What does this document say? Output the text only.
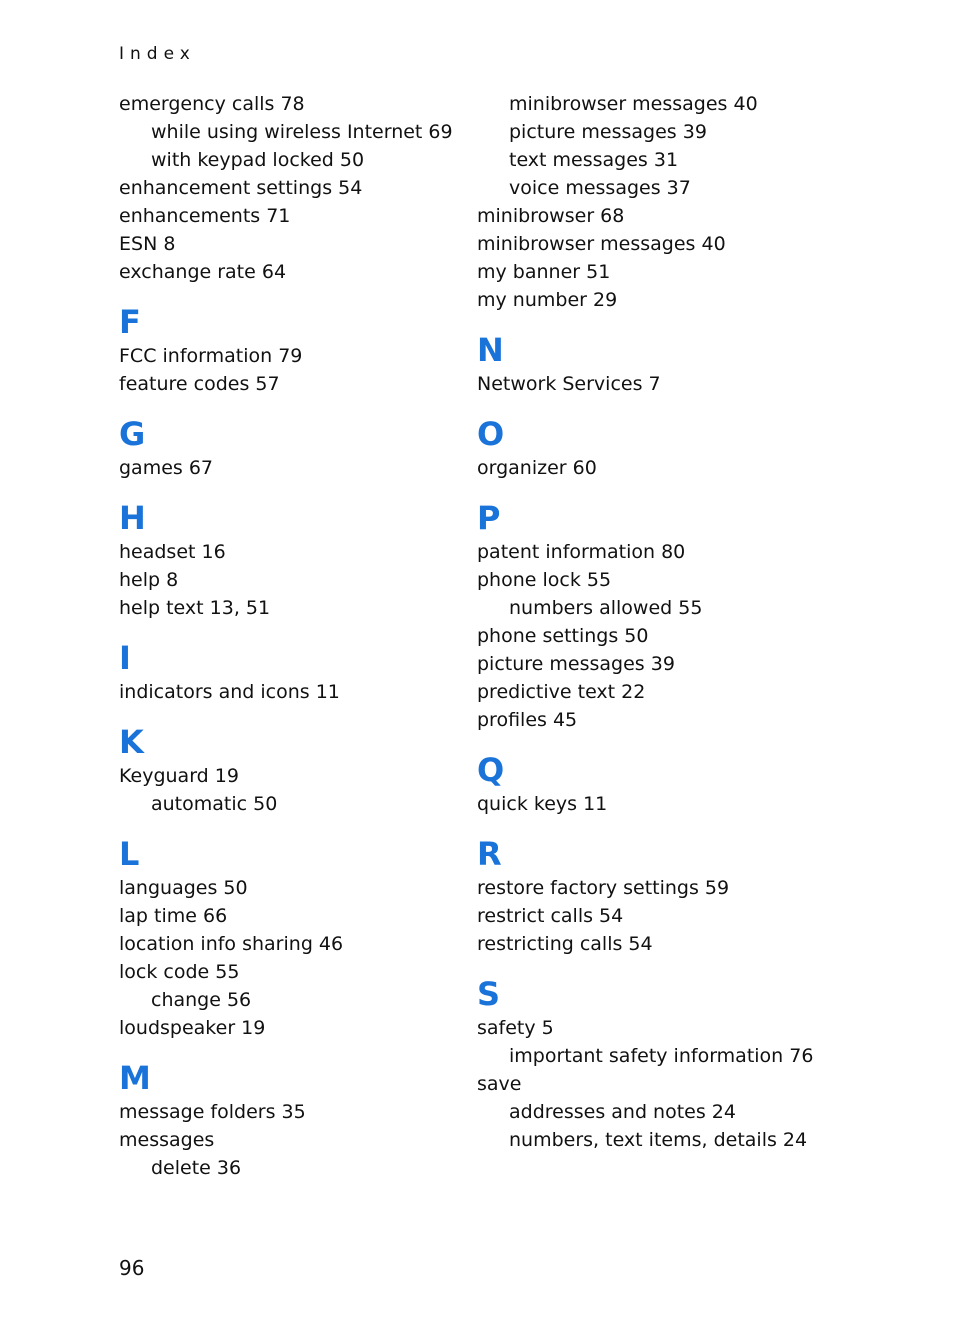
Index
emergency calls 78
while using wireless Internet 69
with keypad locked 50
enhancement settings 54
enhancements 71
ESN 8
exchange rate 64
F
FCC information 79
feature codes 57
G
games 67
H
headset 16
help 8
help text 13, 51
I
indicators and icons 11
K
Keyguard 19
automatic 50
L
languages 50
lap time 66
location info sharing 46
lock code 55
change 56
loudspeaker 19
M
message folders 35
messages
delete 36
minibrowser messages 40
picture messages 39
text messages 31
voice messages 37
minibrowser 68
minibrowser messages 40
my banner 51
my number 29
N
Network Services 7
O
organizer 60
P
patent information 80
phone lock 55
numbers allowed 55
phone settings 50
picture messages 39
predictive text 22
profiles 45
Q
quick keys 11
R
restore factory settings 59
restrict calls 54
restricting calls 54
S
safety 5
important safety information 76
save
addresses and notes 24
numbers, text items, details 24
96
